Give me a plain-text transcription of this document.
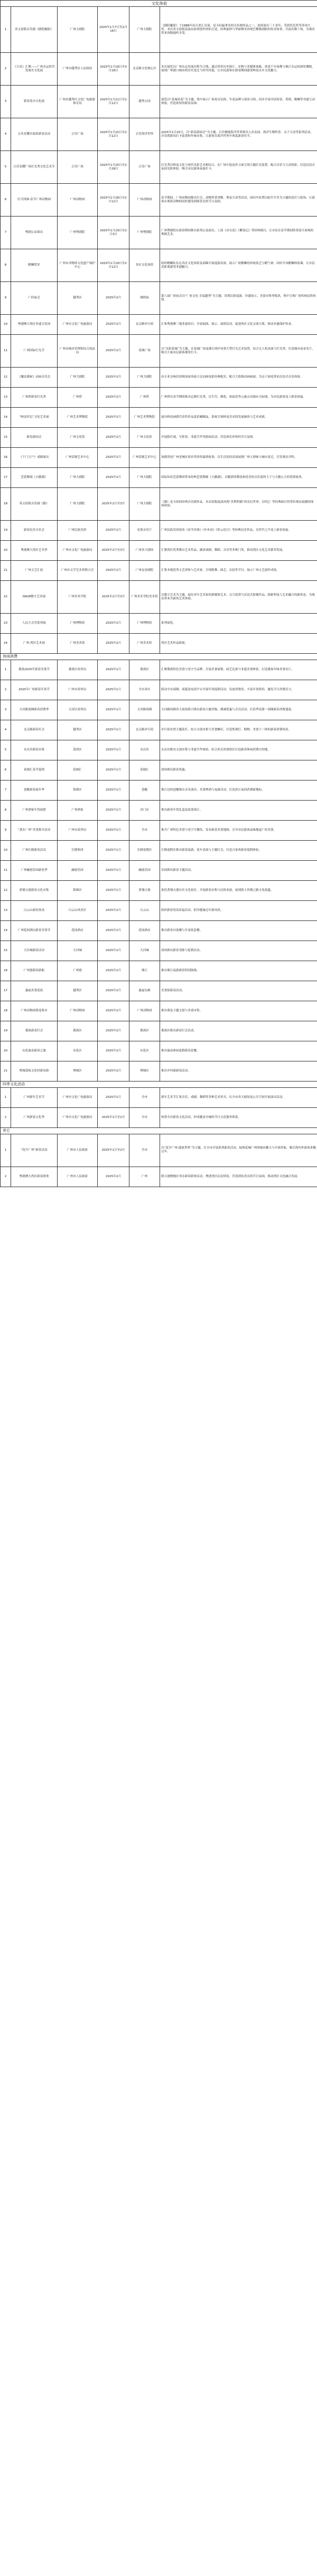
文化体验					
1	英文原版音乐剧《剧院魅影》	广州大剧院	2025年1月7日至2月16日	广州大剧院	《剧院魅影》于1988年由百老汇首演，是韦伯最著名的音乐剧作品之一，连续演出三十余年，荣获托尼奖等多项大奖。本次英文原版巡演由原班创作团队打造，经典旋律与华丽舞美再现巴黎歌剧院的传奇故事，共演出数十场，为观众带来顶级视听享受。
2	《天星》汇聚——广州水运时代发展史文化展	广州市越秀区人民政府	2025年1月18日至3月18日	北京路文化核心区	本次展览以广州水运发展历程为主线，通过珍贵历史图片、实物与多媒体展陈，讲述千年商都与珠江水运的深厚渊源，展现广州港口城市的历史变迁与时代风貌，让市民游客在新春期间感受岭南水乡文化魅力。
3	新春花市文化展	广州市越秀区文化广电旅游体育局	2025年1月21日至2月12日	越秀公园	展览以“花城看花”为主题，集中展示广府花市民俗、年花品种与迎春习俗，同步开展书法挥春、剪纸、醒狮等非遗互动体验，营造浓厚的新春氛围。
4	正佳星耀水族馆新春活动	正佳广场	2025年1月25日至2月12日	正佳海洋世界	2025年1月25日，以“新春游园会”为主题，正佳极地海洋世界推出人鱼表演、海洋生物科普、亲子互动等系列活动，并设置新春打卡装置和年味市集，让游客在海洋世界中欢度新春佳节。
5	正佳星耀广场灯光秀文化艺术节	正佳广场	2025年1月25日至2月28日	正佳广场	灯光秀以岭南文化与现代光影艺术相结合，在广场中庭及外立面呈现主题灯光装置，配合音乐与互动投影，打造沉浸式夜间光影体验，吸引市民游客夜游打卡。
6	灯月团圆·春节广州动物园	广州动物园	2025年1月28日至2月12日	广州动物园	春节期间，广州动物园推出灯会、动物科普讲解、萌宠互动等活动，园区内布置以蛇年生肖为主题的花灯与装饰，让游客在观赏动物的同时感受团圆喜庆的节日氛围。
7	粤剧公益演出	广州粤剧院	2025年1月29日至2月3日	广州粤剧院	广州粤剧院在新春期间推出系列公益演出，上演《帝女花》《紫钗记》等经典剧目，让市民在春节期间欣赏原汁原味的粤剧艺术。
8	醒狮贺岁	广州市非物质文化遗产保护中心	2025年1月29日至2月12日	各区文化场馆	组织醒狮队伍在各区文化场馆及商圈开展巡游表演，展示广府醒狮的传统技艺与精气神，同时开设醒狮体验课，让市民近距离感受非遗魅力。
9	广府庙会	越秀区	2025年2月	城隍庙	第八届广府庙会以“广府文化·幸福越秀”为主题，设置民俗巡游、非遗展示、美食市集等板块，集中呈现广府传统民俗风情。
10	粤港澳大湾区非遗文化周	广州市文化广电旅游局	2025年2月	北京路步行街	汇集粤港澳三地非遗项目，开展展演、展示、展销活动，促进湾区文化交流互鉴，推动非遗保护传承。
11	广州国际灯光节	广州市城市管理和综合执法局	2025年2月	花城广场	以“光影花城”为主题，在花城广场及珠江两岸布置大型灯光艺术装置，结合无人机表演与灯光秀，打造城市夜景名片，吸引大量市民游客观赏打卡。
12	《魔法满屋》动画音乐会	广州大剧院	2025年2月	广州大剧院	由专业交响乐团现场演奏迪士尼动画电影经典配乐，配合大银幕动画画面，为亲子家庭带来沉浸式音乐体验。
13	广州塔新春灯光秀	广州塔	2025年2月	广州塔	广州塔在春节期间推出定制灯光秀，以生肖、烟花、祝福语等元素点亮城市天际线，为市民游客送上新春祝福。
14	“岭南印记”文化艺术展	广州艺术博物院	2025年2月	广州艺术博物院	展出岭南画派代表性作品及馆藏精品，系统呈现岭南美术的发展脉络与艺术成就。
15	新春游园会	广州文化馆	2025年2月	广州文化馆	开展猜灯谜、写挥春、非遗手作等游园活动，营造欢乐祥和的节日氛围。
16	《千门万户》戏剧演出	广州话剧艺术中心	2025年2月	广州话剧艺术中心	该剧讲述广州老城区街坊邻里的温情故事，以生活化的表演展现广州人情味与城市变迁，引发观众共鸣。
17	芭蕾舞剧《天鹅湖》	广州大剧院	2025年2月	广州大剧院	国际知名芭蕾舞团带来经典芭蕾舞剧《天鹅湖》，以精湛的舞技和优美的音乐演绎王子与天鹅公主的爱情故事。
18	英文原版音乐剧《猫》	广州大剧院	2025年2月至3月	广州大剧院	《猫》是韦伯的经典音乐剧作品，本次原版巡演再现“杰利科猫”的奇幻世界，《回忆》等经典曲目将带给观众震撼的现场体验。
19	新春民乐音乐会	广州民族乐团	2025年2月	星海音乐厅	广州民族乐团演奏《春节序曲》《步步高》《彩云追月》等经典民乐作品，以丝竹之声送上新春祝福。
20	粤港澳大湾区艺术季	广州市文化广电旅游局	2025年2月至3月	广州各大剧场	汇聚湾区优秀舞台艺术作品，涵盖戏剧、舞蹈、音乐等多种门类，推动湾区文化艺术繁荣发展。
21	广州文艺汇演	广州市文学艺术界联合会	2025年2月	广州友谊剧院	汇集本地优秀文艺团体与艺术家，呈现歌舞、曲艺、杂技等节目，展示广州文艺创作成果。
22	GN28数字艺术展	广州美术学院	2025年2月至3月	广州美术学院美术馆	以数字艺术为主题，展出青年艺术家的新媒体艺术、交互装置与沉浸式影像作品，探索科技与艺术融合的新形态，为观众带来全新的艺术体验。
23	人民大会堂系列展	广州博物馆	2025年2月	广州博物馆	系列展览。
24	广州·湾区艺术展	广州美术馆	2025年2月	广州美术馆	湾区艺术作品联展。
休闲消费					
1	番禺2025年新春美食节	番禺区商务局	2025年1月	番禺区	汇聚番禺特色美食与老字号品牌，开展美食展销、厨艺比拼与非遗美食体验，打造番禺年味美食名片。
2	2025年广州新春年货节	广州市商务局	2025年1月	全市各区	联动全市商圈、商超及电商平台开展年货促销活动，发放消费券，丰富年货供给，激发节日消费活力。
3	天河路商圈新春消费季	天河区商务局	2025年1月	天河路商圈	天河路商圈各大商场联合推出新春主题美陈、满减优惠与会员活动，打造华南第一商圈新春消费盛宴。
4	北京路新春灯会	越秀区	2025年1月	北京路步行街	步行街布置主题花灯，结合文创市集与美食摊位，打造集观灯、购物、美食于一体的新春消费场景。
5	永庆坊新春市集	荔湾区	2025年1月	永庆坊	永庆坊推出文创市集与非遗手作体验，结合西关风情街区打造新春休闲消费目的地。
6	花城汇春节促销	花城汇	2025年1月	花城汇	商场推出新春优惠。
7	琶醍新春嘉年华	海珠区	2025年1月	琶醍	珠江边的琶醍推出音乐演出、美食啤酒与夜游活动，打造滨江夜间消费新地标。
8	广州酒家年货展销	广州酒家	2025年1月	各门店	推出新春年货礼盒及盆菜预订。
9	“食在广州”美食推介活动	广州市商务局	2025年1月	全市	推介广州特色美食与老字号餐饮，发布新春美食地图，引导市民游客品味地道广府美食。
10	广州长隆新春活动	长隆集团	2025年1月	长隆度假区	长隆度假区推出新春巡游、花车表演与主题灯会，打造合家欢新春度假体验。
11	广州融创乐园新春季	融创乐园	2025年1月	融创乐园	乐园推出新春主题活动。
12	黄埔古港新春文化市集	海珠区	2025年1月	黄埔古港	依托黄埔古港历史文化街区，开展新春市集与民俗表演，展现海上丝绸之路文化底蕴。
13	白云山新春登高	白云山风景区	2025年2月	白云山	组织新春登高祈福活动，倡导健康过年新风尚。
14	广州花园酒店新春美食节	花园酒店	2025年2月	花园酒店	推出新春自助餐与年夜饭套餐。
15	天河城新春活动	天河城	2025年2月	天河城	商场推出新春美陈与促销活动。
16	广州港新春游船	广州港	2025年2月	珠江	推出珠江夜游新春特别航线。
17	惠福美食花街	越秀区	2025年2月	惠福东路	美食街新春活动。
18	广州动物园萌宠集市	广州动物园	2025年2月	广州动物园	推出萌宠主题文创与美食市集。
19	番禺新春灯会	番禺区	2025年2月	番禺区	番禺区推出新春灯会活动。
20	从化温泉新春之旅	从化区	2025年2月	从化区	推出温泉休闲度假新春套餐。
21	增城荔枝文化村新春游	增城区	2025年2月	增城区	推出乡村游新春活动。
四季文化活动					
1	广州新年艺术节	广州市文化广电旅游局	2025年1月	全市	新年艺术节汇集音乐、戏剧、舞蹈等多种艺术形式，在全市各大剧场及公共空间开展演出活动。
2	广州新春文化季	广州市文化广电旅游局	2025年1月至2月	全市	统筹全市新春文化活动，形成覆盖全城的节日文化服务体系。
其它					
1	“花开广州”新春活动	广州市人民政府	2025年1月至2月	全市	以“花开广州·盛放世界”为主题，在全市开展系列新春活动，展现花城广州的城市魅力与开放形象，吸引海内外游客来穗过年。
2	粤港澳大湾区新春联欢	广州市人民政府	2025年2月	广州	联合港澳地区举办新春联欢活动，增进湾区民众情谊，营造团结喜庆的节日氛围，推动湾区文化融合发展。
